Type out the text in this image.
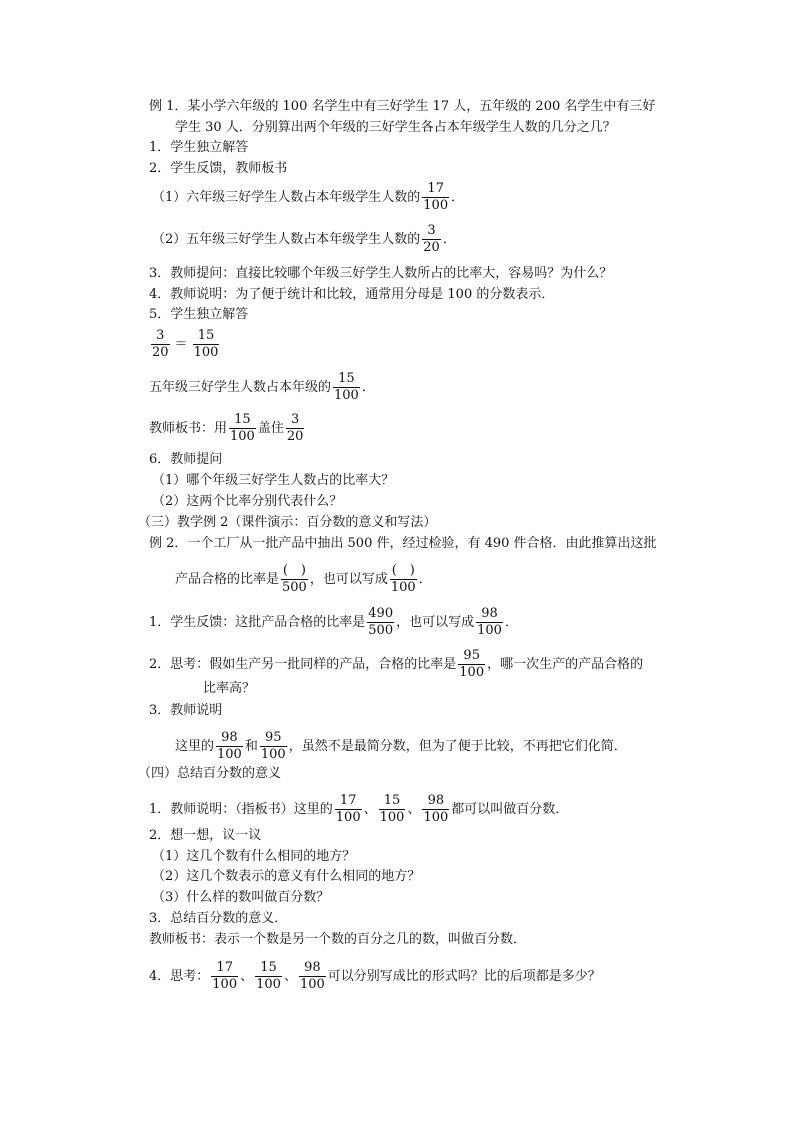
例 1．某小学六年级的 100 名学生中有三好学生 17 人，五年级的 200 名学生中有三好
学生 30 人．分别算出两个年级的三好学生各占本年级学生人数的几分之几？
1．学生独立解答
2．学生反馈，教师板书
（1）六年级三好学生人数占本年级学生人数的 $\frac{17}{100}$ ．
（2）五年级三好学生人数占本年级学生人数的 $\frac{3}{20}$ ．
3．教师提问：直接比较哪个年级三好学生人数所占的比率大，容易吗？为什么？
4．教师说明：为了便于统计和比较，通常用分母是 100 的分数表示．
5．学生独立解答
$\frac{3}{20} = \frac{15}{100}$
五年级三好学生人数占本年级的 $\frac{15}{100}$ ．
教师板书：用 $\frac{15}{100}$ 盖住 $\frac{3}{20}$
6．教师提问
（1）哪个年级三好学生人数占的比率大？
（2）这两个比率分别代表什么？
（三）教学例 2（课件演示：百分数的意义和写法）
例 2．一个工厂从一批产品中抽出 500 件，经过检验，有 490 件合格．由此推算出这批
产品合格的比率是 $\frac{( )}{500}$ ，也可以写成 $\frac{( )}{100}$ ．
1．学生反馈：这批产品合格的比率是 $\frac{490}{500}$ ，也可以写成 $\frac{98}{100}$ ．
2．思考：假如生产另一批同样的产品，合格的比率是 $\frac{95}{100}$ ，哪一次生产的产品合格的
比率高？
3．教师说明
这里的 $\frac{98}{100}$ 和 $\frac{95}{100}$ ，虽然不是最简分数，但为了便于比较，不再把它们化简．
（四）总结百分数的意义
1．教师说明：（指板书）这里的 $\frac{17}{100}$ 、 $\frac{15}{100}$ 、 $\frac{98}{100}$ 都可以叫做百分数．
2．想一想，议一议
（1）这几个数有什么相同的地方？
（2）这几个数表示的意义有什么相同的地方？
（3）什么样的数叫做百分数？
3．总结百分数的意义．
教师板书：表示一个数是另一个数的百分之几的数，叫做百分数．
4．思考： $\frac{17}{100}$ 、 $\frac{15}{100}$ 、 $\frac{98}{100}$ 可以分别写成比的形式吗？比的后项都是多少？
